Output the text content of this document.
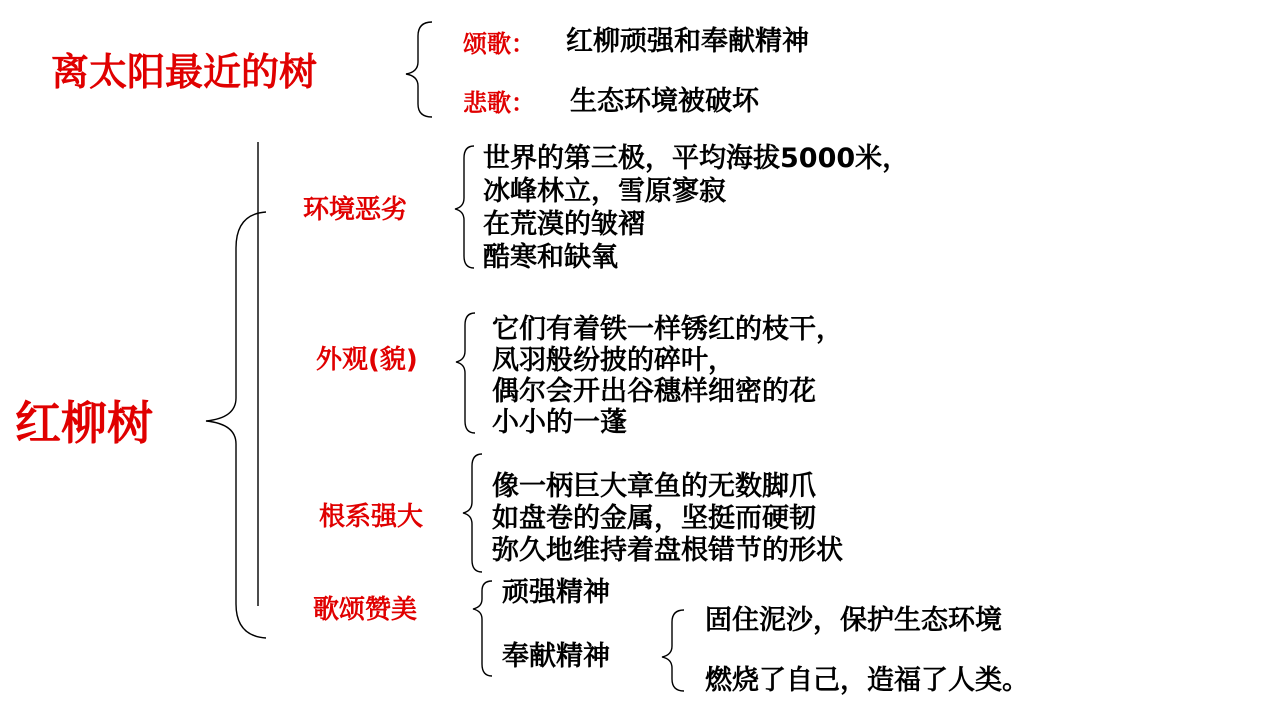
离太阳最近的树
颂歌： 红柳顽强和奉献精神
悲歌： 生态环境被破坏
红柳树
环境恶劣
世界的第三极，平均海拔5000米，
冰峰林立，雪原寥寂
在荒漠的皱褶
酷寒和缺氧
外观(貌)
它们有着铁一样锈红的枝干，
凤羽般纷披的碎叶，
偶尔会开出谷穗样细密的花
小小的一蓬
根系强大
像一柄巨大章鱼的无数脚爪
如盘卷的金属，坚挺而硬韧
弥久地维持着盘根错节的形状
歌颂赞美
顽强精神
奉献精神
固住泥沙，保护生态环境
燃烧了自己，造福了人类。
